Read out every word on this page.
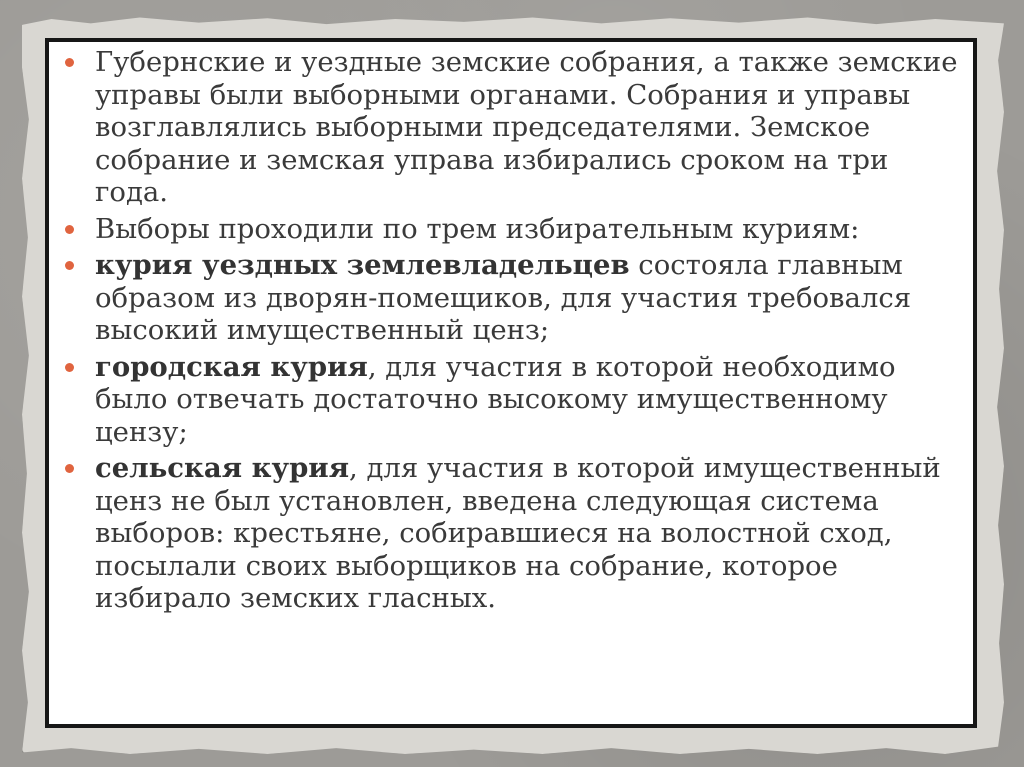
Губернские и уездные земские собрания, а также земские управы были выборными органами. Собрания и управы возглавлялись выборными председателями. Земское собрание и земская управа избирались сроком на три года.
Выборы проходили по трем избирательным куриям:
курия уездных землевладельцев состояла главным образом из дворян-помещиков, для участия требовался высокий имущественный ценз;
городская курия, для участия в которой необходимо было отвечать достаточно высокому имущественному цензу;
сельская курия, для участия в которой имущественный ценз не был установлен, введена следующая система выборов: крестьяне, собиравшиеся на волостной сход, посылали своих выборщиков на собрание, которое избирало земских гласных.
